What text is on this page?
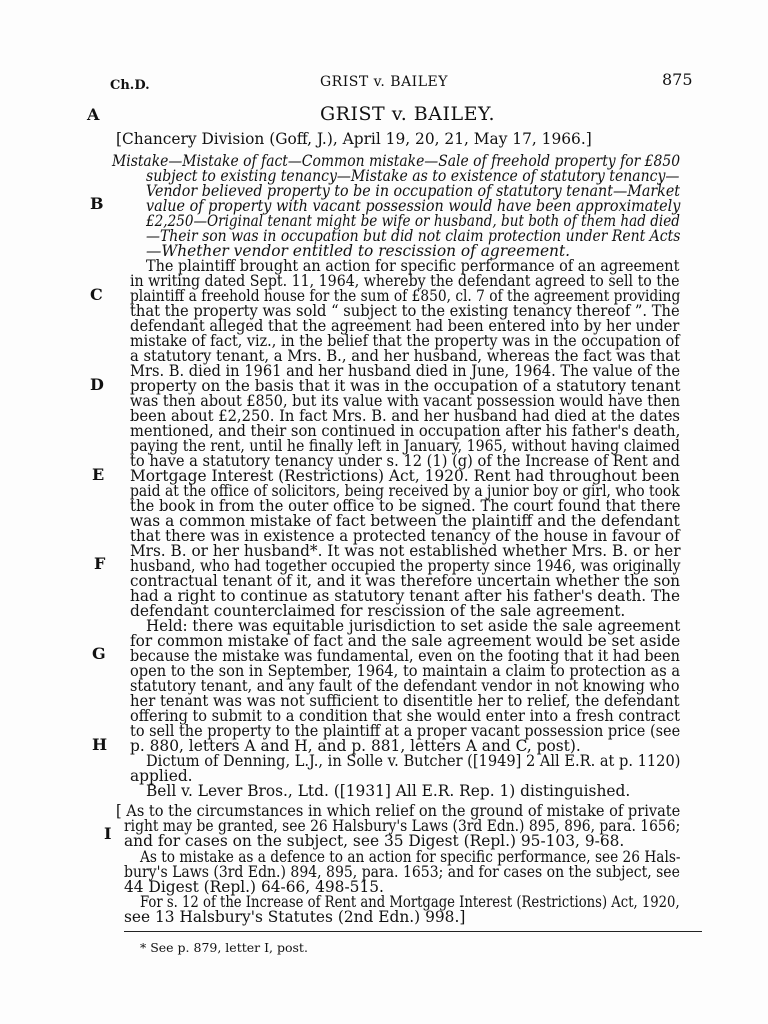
Ch.D.	GRIST v. BAILEY	875
GRIST v. BAILEY.
[Chancery Division (Goff, J.), April 19, 20, 21, May 17, 1966.]
A
B
C
D
E
F
G
H
I
Mistake—Mistake of fact—Common mistake—Sale of freehold property for £850
subject to existing tenancy—Mistake as to existence of statutory tenancy—
Vendor believed property to be in occupation of statutory tenant—Market
value of property with vacant possession would have been approximately
£2,250—Original tenant might be wife or husband, but both of them had died
—Their son was in occupation but did not claim protection under Rent Acts
—Whether vendor entitled to rescission of agreement.
The plaintiff brought an action for specific performance of an agreement
in writing dated Sept. 11, 1964, whereby the defendant agreed to sell to the
plaintiff a freehold house for the sum of £850, cl. 7 of the agreement providing
that the property was sold “ subject to the existing tenancy thereof ”. The
defendant alleged that the agreement had been entered into by her under
mistake of fact, viz., in the belief that the property was in the occupation of
a statutory tenant, a Mrs. B., and her husband, whereas the fact was that
Mrs. B. died in 1961 and her husband died in June, 1964. The value of the
property on the basis that it was in the occupation of a statutory tenant
was then about £850, but its value with vacant possession would have then
been about £2,250. In fact Mrs. B. and her husband had died at the dates
mentioned, and their son continued in occupation after his father's death,
paying the rent, until he finally left in January, 1965, without having claimed
to have a statutory tenancy under s. 12 (1) (g) of the Increase of Rent and
Mortgage Interest (Restrictions) Act, 1920. Rent had throughout been
paid at the office of solicitors, being received by a junior boy or girl, who took
the book in from the outer office to be signed. The court found that there
was a common mistake of fact between the plaintiff and the defendant
that there was in existence a protected tenancy of the house in favour of
Mrs. B. or her husband*. It was not established whether Mrs. B. or her
husband, who had together occupied the property since 1946, was originally
contractual tenant of it, and it was therefore uncertain whether the son
had a right to continue as statutory tenant after his father's death. The
defendant counterclaimed for rescission of the sale agreement.
Held: there was equitable jurisdiction to set aside the sale agreement
for common mistake of fact and the sale agreement would be set aside
because the mistake was fundamental, even on the footing that it had been
open to the son in September, 1964, to maintain a claim to protection as a
statutory tenant, and any fault of the defendant vendor in not knowing who
her tenant was was not sufficient to disentitle her to relief, the defendant
offering to submit to a condition that she would enter into a fresh contract
to sell the property to the plaintiff at a proper vacant possession price (see
p. 880, letters A and H, and p. 881, letters A and C, post).
Dictum of Denning, L.J., in Solle v. Butcher ([1949] 2 All E.R. at p. 1120)
applied.
Bell v. Lever Bros., Ltd. ([1931] All E.R. Rep. 1) distinguished.
[ As to the circumstances in which relief on the ground of mistake of private
right may be granted, see 26 Halsbury's Laws (3rd Edn.) 895, 896, para. 1656;
and for cases on the subject, see 35 Digest (Repl.) 95-103, 9-68.
As to mistake as a defence to an action for specific performance, see 26 Hals-
bury's Laws (3rd Edn.) 894, 895, para. 1653; and for cases on the subject, see
44 Digest (Repl.) 64-66, 498-515.
For s. 12 of the Increase of Rent and Mortgage Interest (Restrictions) Act, 1920,
see 13 Halsbury's Statutes (2nd Edn.) 998.]
* See p. 879, letter I, post.
